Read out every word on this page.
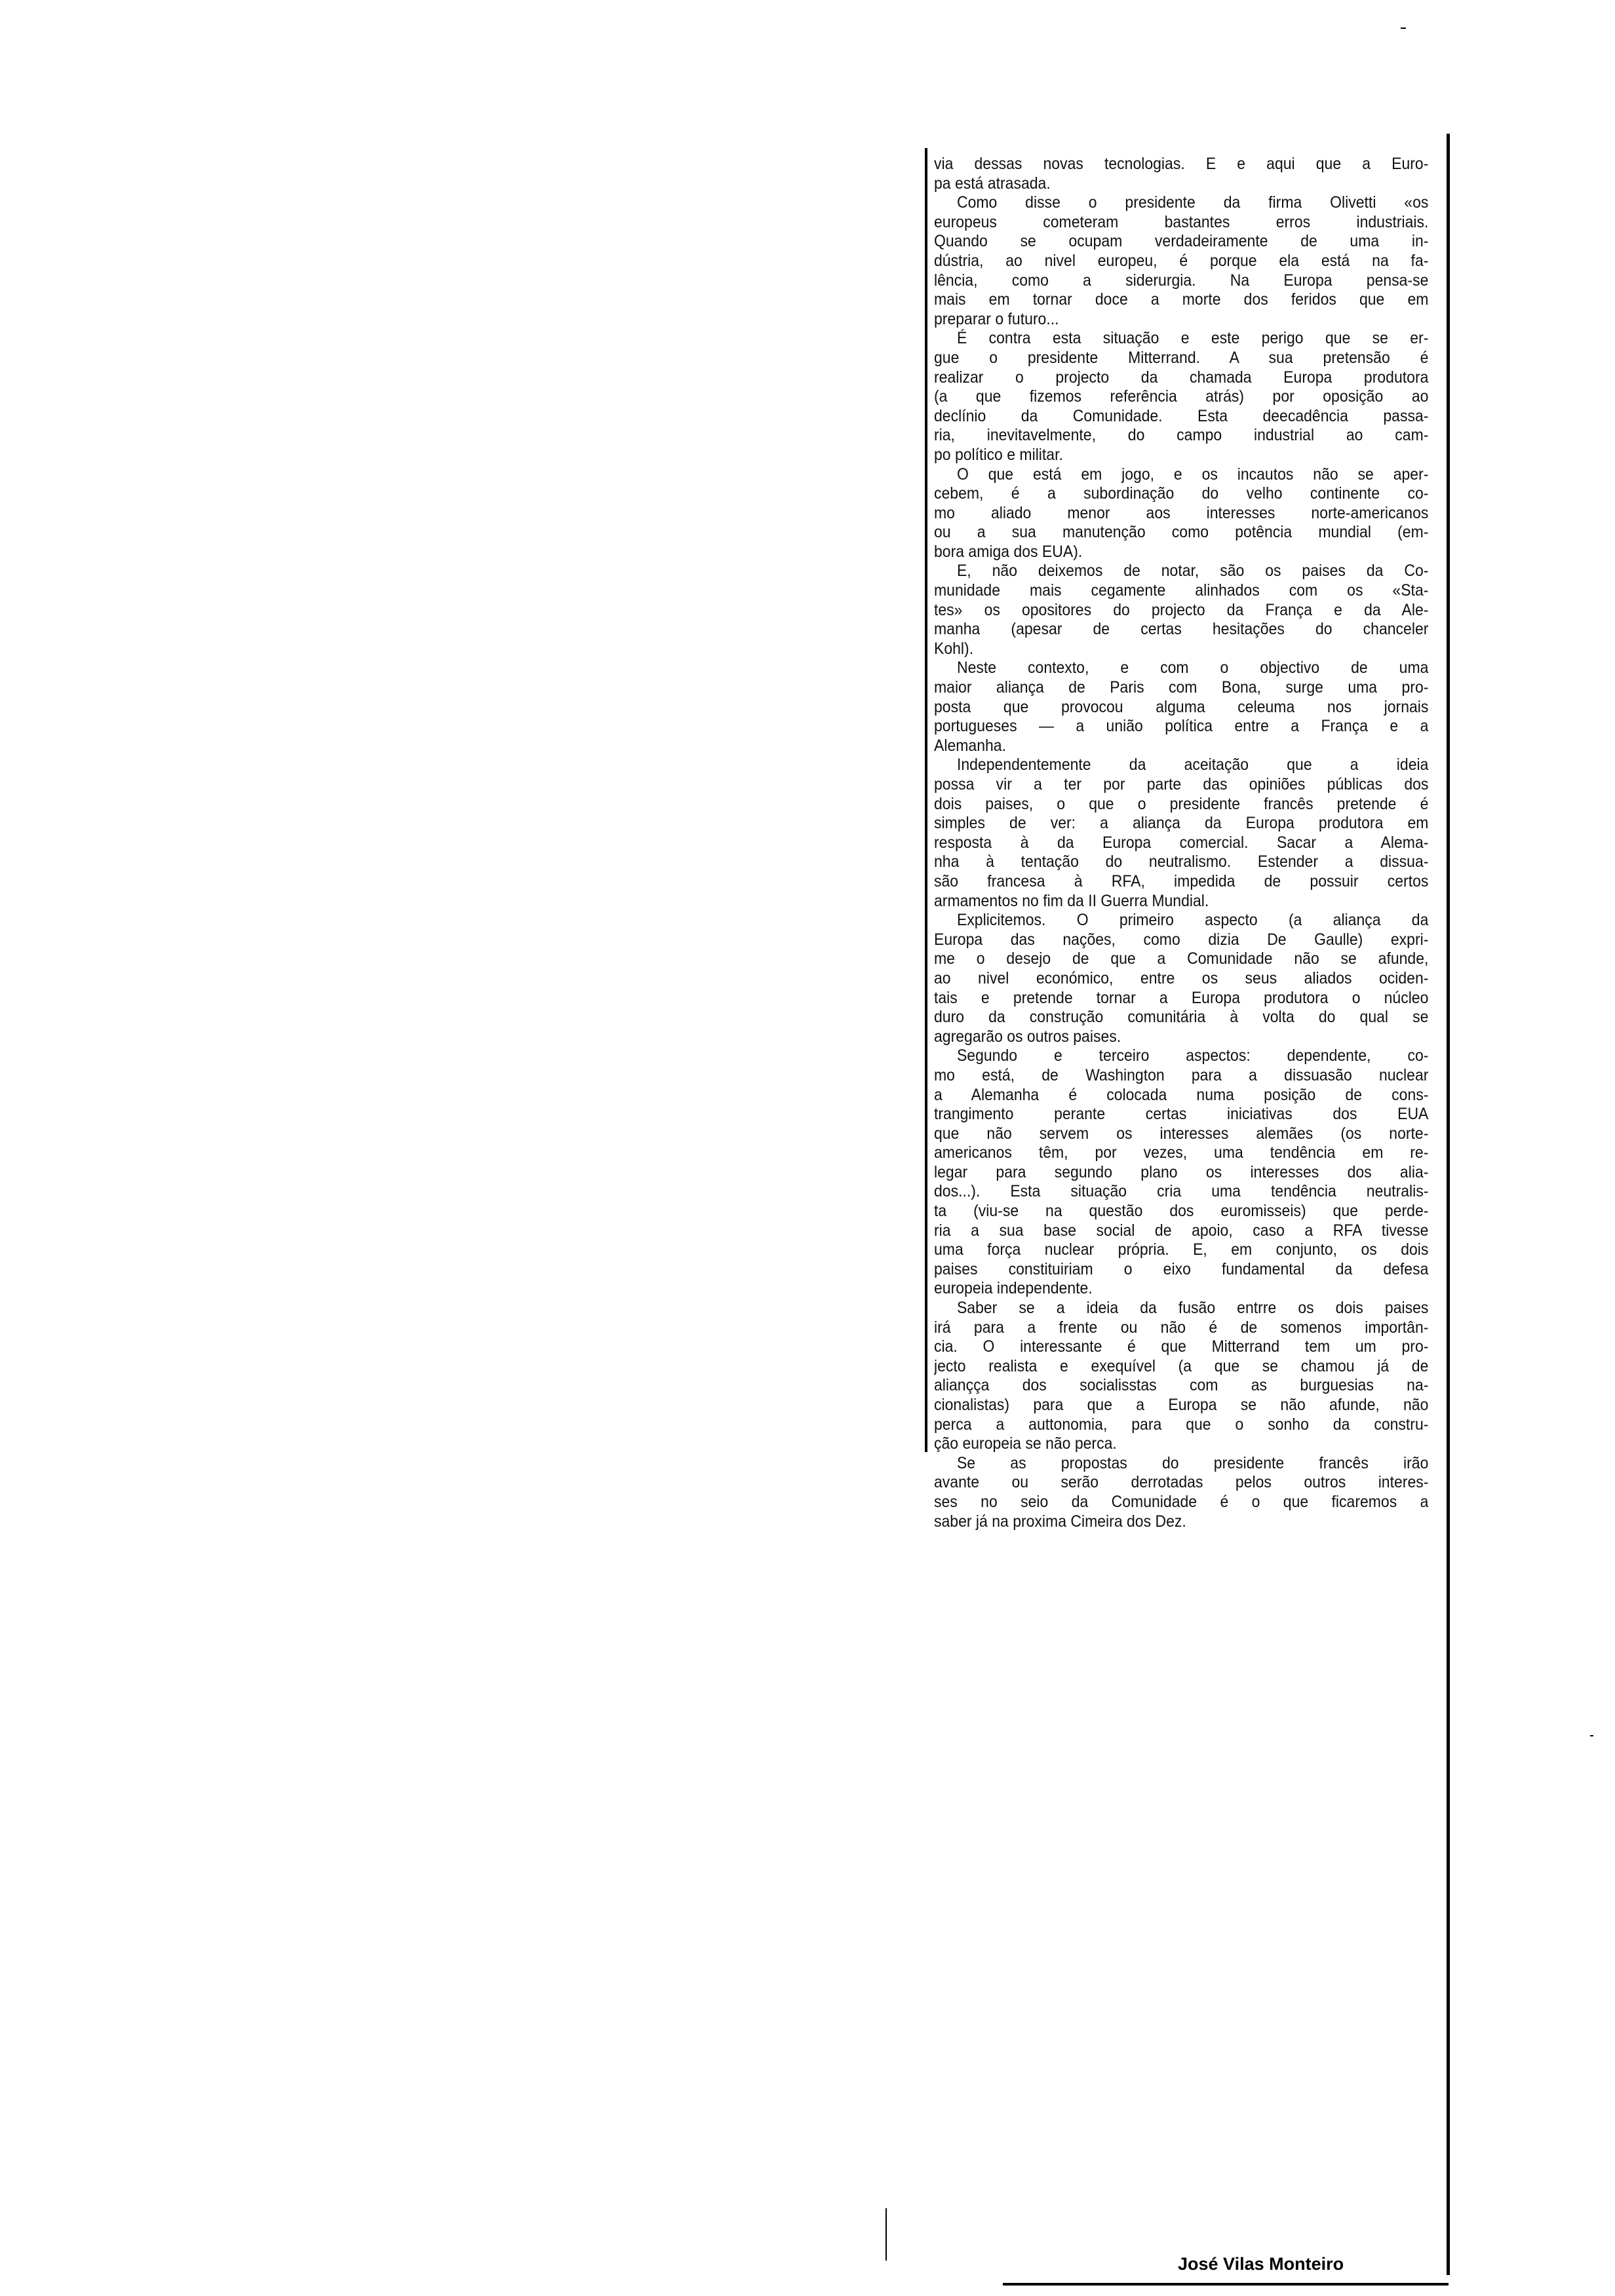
via dessas novas tecnologias. E e aqui que a Euro-
pa está atrasada.
Como disse o presidente da firma Olivetti «os
europeus cometeram bastantes erros industriais.
Quando se ocupam verdadeiramente de uma in-
dústria, ao nivel europeu, é porque ela está na fa-
lência, como a siderurgia. Na Europa pensa-se
mais em tornar doce a morte dos feridos que em
preparar o futuro...
É contra esta situação e este perigo que se er-
gue o presidente Mitterrand. A sua pretensão é
realizar o projecto da chamada Europa produtora
(a que fizemos referência atrás) por oposição ao
declínio da Comunidade. Esta deecadência passa-
ria, inevitavelmente, do campo industrial ao cam-
po político e militar.
O que está em jogo, e os incautos não se aper-
cebem, é a subordinação do velho continente co-
mo aliado menor aos interesses norte-americanos
ou a sua manutenção como potência mundial (em-
bora amiga dos EUA).
E, não deixemos de notar, são os paises da Co-
munidade mais cegamente alinhados com os «Sta-
tes» os opositores do projecto da França e da Ale-
manha (apesar de certas hesitações do chanceler
Kohl).
Neste contexto, e com o objectivo de uma
maior aliança de Paris com Bona, surge uma pro-
posta que provocou alguma celeuma nos jornais
portugueses — a união política entre a França e a
Alemanha.
Independentemente da aceitação que a ideia
possa vir a ter por parte das opiniões públicas dos
dois paises, o que o presidente francês pretende é
simples de ver: a aliança da Europa produtora em
resposta à da Europa comercial. Sacar a Alema-
nha à tentação do neutralismo. Estender a dissua-
são francesa à RFA, impedida de possuir certos
armamentos no fim da II Guerra Mundial.
Explicitemos. O primeiro aspecto (a aliança da
Europa das nações, como dizia De Gaulle) expri-
me o desejo de que a Comunidade não se afunde,
ao nivel económico, entre os seus aliados ociden-
tais e pretende tornar a Europa produtora o núcleo
duro da construção comunitária à volta do qual se
agregarão os outros paises.
Segundo e terceiro aspectos: dependente, co-
mo está, de Washington para a dissuasão nuclear
a Alemanha é colocada numa posição de cons-
trangimento perante certas iniciativas dos EUA
que não servem os interesses alemães (os norte-
americanos têm, por vezes, uma tendência em re-
legar para segundo plano os interesses dos alia-
dos...). Esta situação cria uma tendência neutralis-
ta (viu-se na questão dos euromisseis) que perde-
ria a sua base social de apoio, caso a RFA tivesse
uma força nuclear própria. E, em conjunto, os dois
paises constituiriam o eixo fundamental da defesa
europeia independente.
Saber se a ideia da fusão entrre os dois paises
irá para a frente ou não é de somenos importân-
cia. O interessante é que Mitterrand tem um pro-
jecto realista e exequível (a que se chamou já de
aliançça dos socialisstas com as burguesias na-
cionalistas) para que a Europa se não afunde, não
perca a auttonomia, para que o sonho da constru-
ção europeia se não perca.
Se as propostas do presidente francês irão
avante ou serão derrotadas pelos outros interes-
ses no seio da Comunidade é o que ficaremos a
saber já na proxima Cimeira dos Dez.
José Vilas Monteiro
